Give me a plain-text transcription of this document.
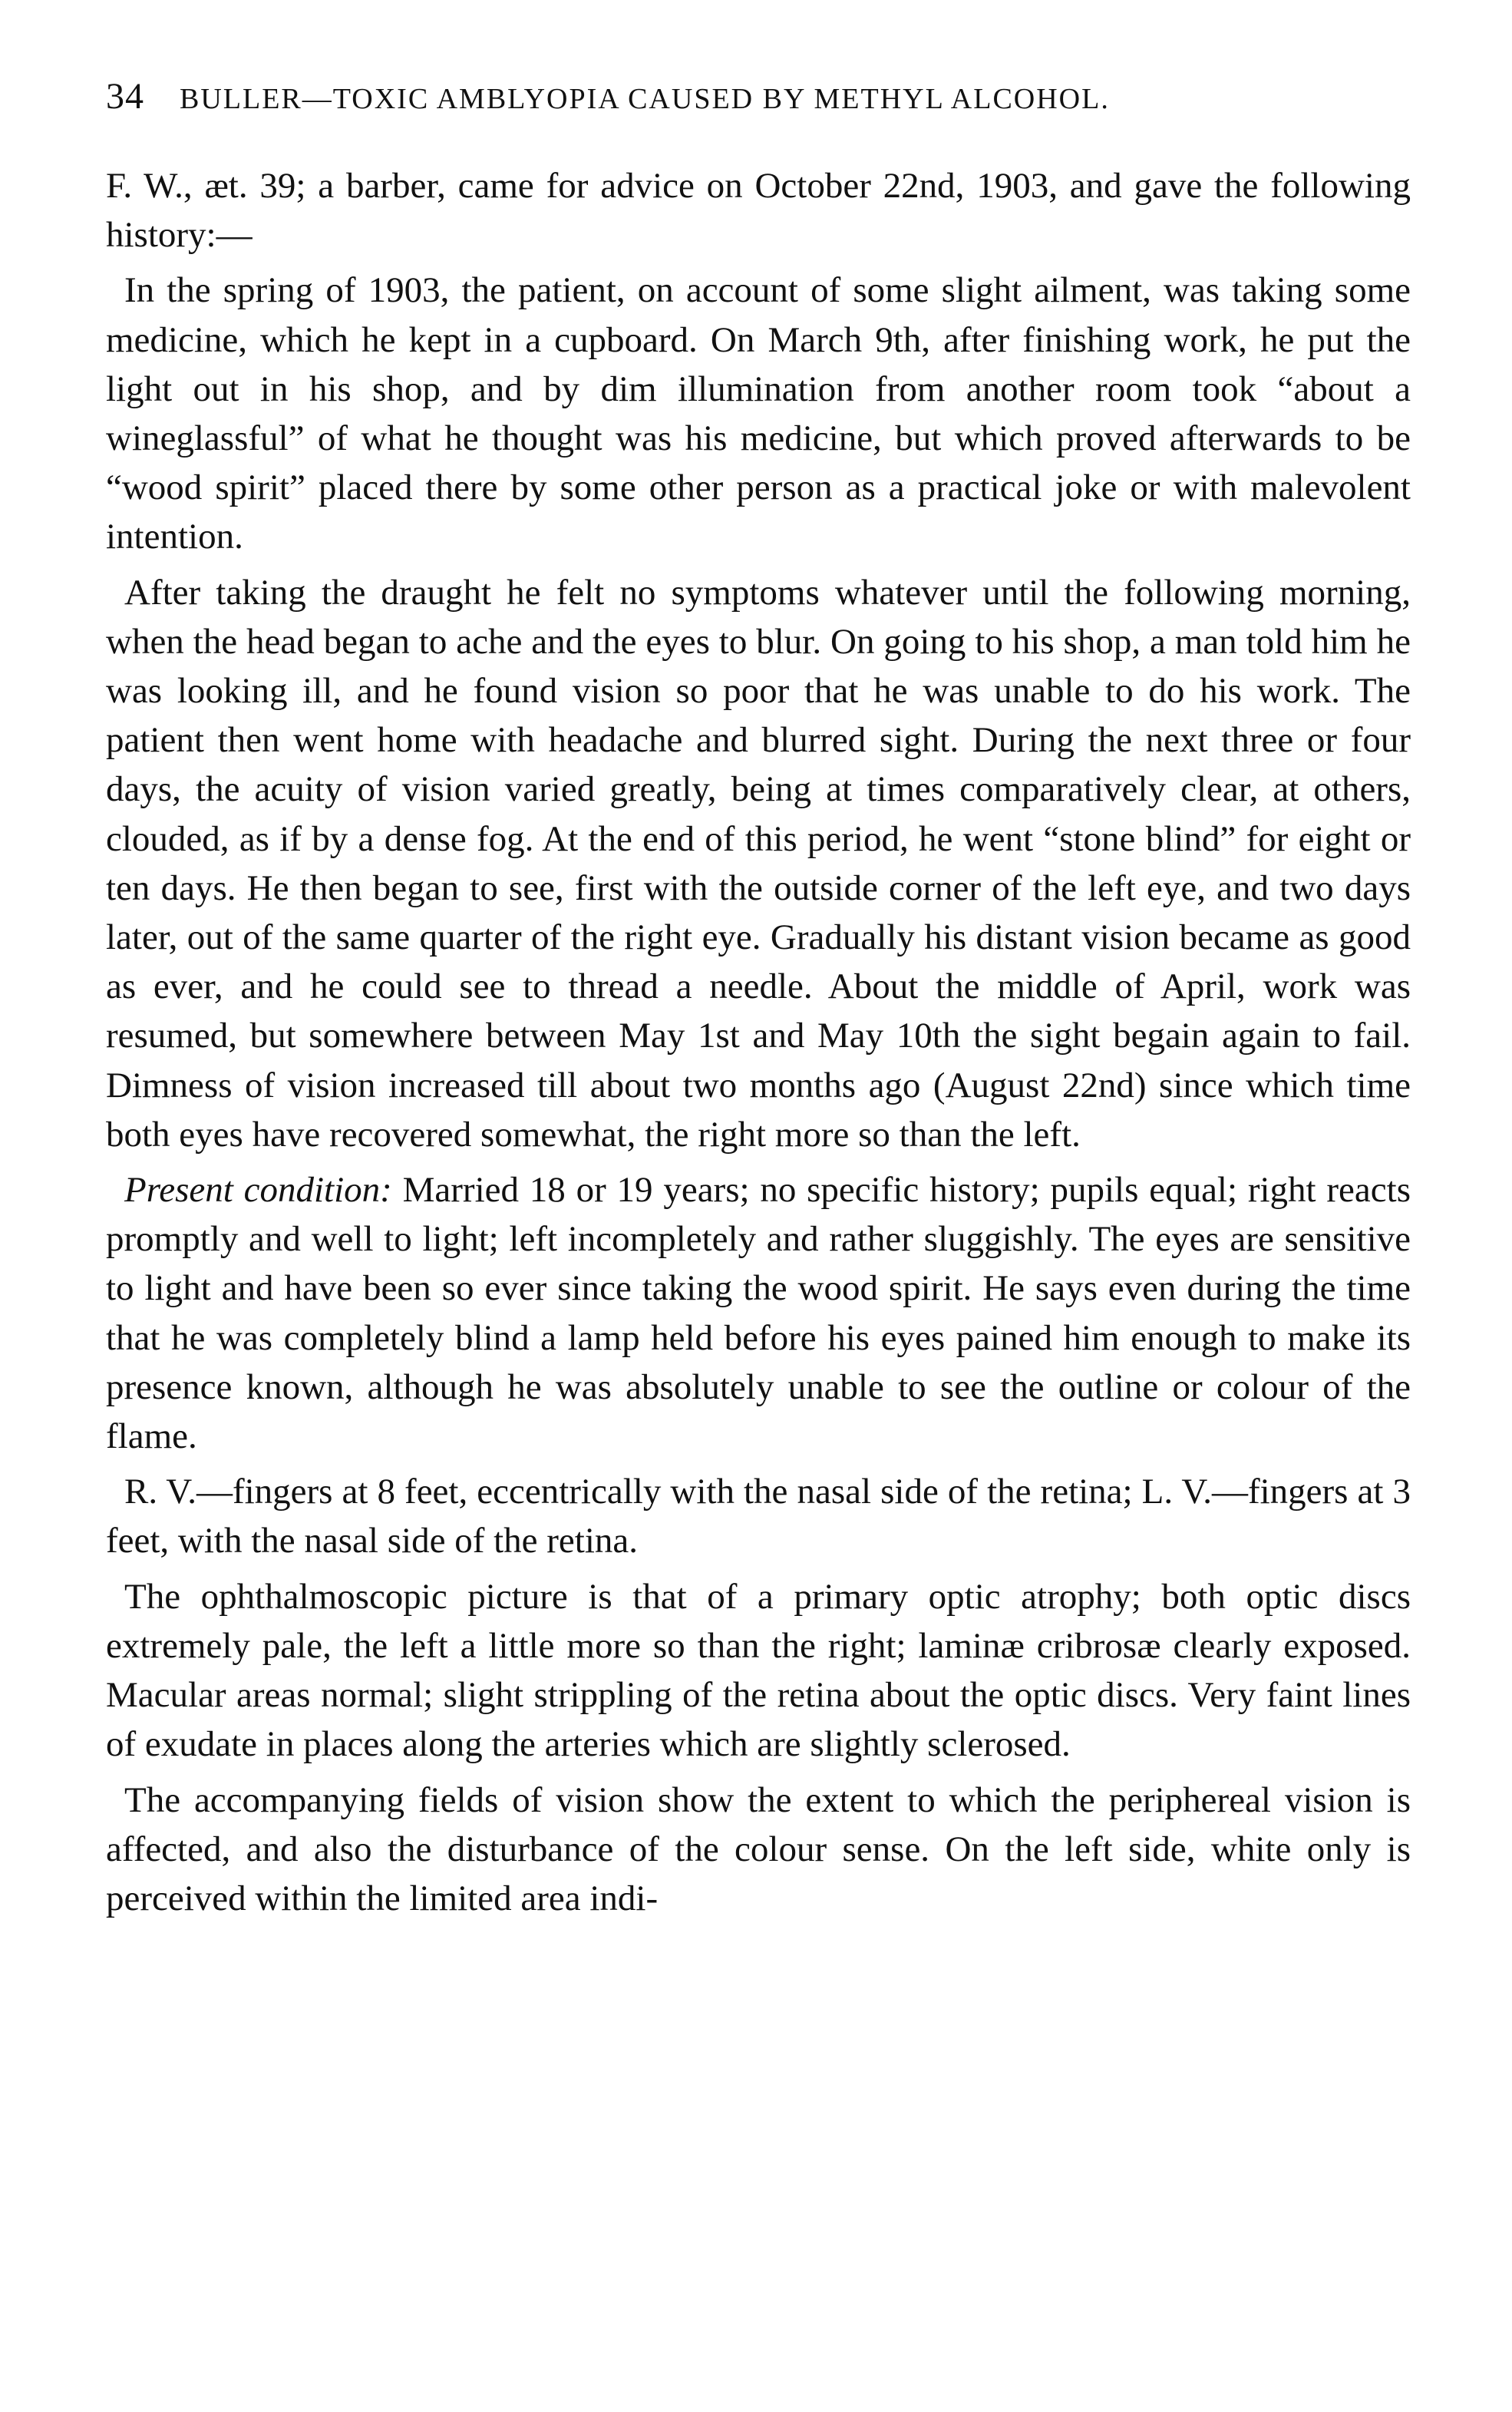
34 BULLER—TOXIC AMBLYOPIA CAUSED BY METHYL ALCOHOL.

F. W., æt. 39; a barber, came for advice on October 22nd, 1903, and gave the following history:—

In the spring of 1903, the patient, on account of some slight ailment, was taking some medicine, which he kept in a cupboard. On March 9th, after finishing work, he put the light out in his shop, and by dim illumination from another room took “about a wineglassful” of what he thought was his medicine, but which proved afterwards to be “wood spirit” placed there by some other person as a practical joke or with malevolent intention.

After taking the draught he felt no symptoms whatever until the following morning, when the head began to ache and the eyes to blur. On going to his shop, a man told him he was looking ill, and he found vision so poor that he was unable to do his work. The patient then went home with headache and blurred sight. During the next three or four days, the acuity of vision varied greatly, being at times comparatively clear, at others, clouded, as if by a dense fog. At the end of this period, he went “stone blind” for eight or ten days. He then began to see, first with the outside corner of the left eye, and two days later, out of the same quarter of the right eye. Gradually his distant vision became as good as ever, and he could see to thread a needle. About the middle of April, work was resumed, but somewhere between May 1st and May 10th the sight begain again to fail. Dimness of vision increased till about two months ago (August 22nd) since which time both eyes have recovered somewhat, the right more so than the left.

Present condition: Married 18 or 19 years; no specific history; pupils equal; right reacts promptly and well to light; left incompletely and rather sluggishly. The eyes are sensitive to light and have been so ever since taking the wood spirit. He says even during the time that he was completely blind a lamp held before his eyes pained him enough to make its presence known, although he was absolutely unable to see the outline or colour of the flame.

R. V.—fingers at 8 feet, eccentrically with the nasal side of the retina; L. V.—fingers at 3 feet, with the nasal side of the retina.

The ophthalmoscopic picture is that of a primary optic atrophy; both optic discs extremely pale, the left a little more so than the right; laminæ cribrosæ clearly exposed. Macular areas normal; slight strippling of the retina about the optic discs. Very faint lines of exudate in places along the arteries which are slightly sclerosed.

The accompanying fields of vision show the extent to which the periphereal vision is affected, and also the disturbance of the colour sense. On the left side, white only is perceived within the limited area indi-
